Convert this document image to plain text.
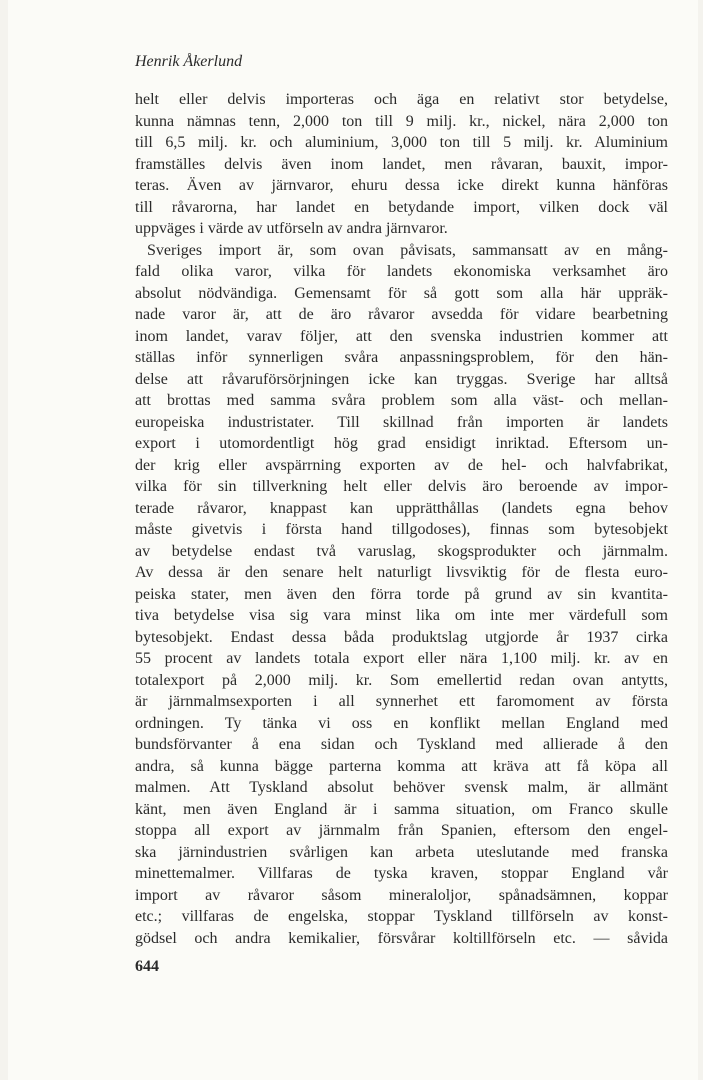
Henrik Åkerlund
helt eller delvis importeras och äga en relativt stor betydelse,
kunna nämnas tenn, 2,000 ton till 9 milj. kr., nickel, nära 2,000 ton
till 6,5 milj. kr. och aluminium, 3,000 ton till 5 milj. kr. Aluminium
framställes delvis även inom landet, men råvaran, bauxit, impor-
teras. Även av järnvaror, ehuru dessa icke direkt kunna hänföras
till råvarorna, har landet en betydande import, vilken dock väl
uppväges i värde av utförseln av andra järnvaror.
Sveriges import är, som ovan påvisats, sammansatt av en mång-
fald olika varor, vilka för landets ekonomiska verksamhet äro
absolut nödvändiga. Gemensamt för så gott som alla här uppräk-
nade varor är, att de äro råvaror avsedda för vidare bearbetning
inom landet, varav följer, att den svenska industrien kommer att
ställas inför synnerligen svåra anpassningsproblem, för den hän-
delse att råvaruförsörjningen icke kan tryggas. Sverige har alltså
att brottas med samma svåra problem som alla väst- och mellan-
europeiska industristater. Till skillnad från importen är landets
export i utomordentligt hög grad ensidigt inriktad. Eftersom un-
der krig eller avspärrning exporten av de hel- och halvfabrikat,
vilka för sin tillverkning helt eller delvis äro beroende av impor-
terade råvaror, knappast kan upprätthållas (landets egna behov
måste givetvis i första hand tillgodoses), finnas som bytesobjekt
av betydelse endast två varuslag, skogsprodukter och järnmalm.
Av dessa är den senare helt naturligt livsviktig för de flesta euro-
peiska stater, men även den förra torde på grund av sin kvantita-
tiva betydelse visa sig vara minst lika om inte mer värdefull som
bytesobjekt. Endast dessa båda produktslag utgjorde år 1937 cirka
55 procent av landets totala export eller nära 1,100 milj. kr. av en
totalexport på 2,000 milj. kr. Som emellertid redan ovan antytts,
är järnmalmsexporten i all synnerhet ett faromoment av första
ordningen. Ty tänka vi oss en konflikt mellan England med
bundsförvanter å ena sidan och Tyskland med allierade å den
andra, så kunna bägge parterna komma att kräva att få köpa all
malmen. Att Tyskland absolut behöver svensk malm, är allmänt
känt, men även England är i samma situation, om Franco skulle
stoppa all export av järnmalm från Spanien, eftersom den engel-
ska järnindustrien svårligen kan arbeta uteslutande med franska
minettemalmer. Villfaras de tyska kraven, stoppar England vår
import av råvaror såsom mineraloljor, spånadsämnen, koppar
etc.; villfaras de engelska, stoppar Tyskland tillförseln av konst-
gödsel och andra kemikalier, försvårar koltillförseln etc. — såvida
644
